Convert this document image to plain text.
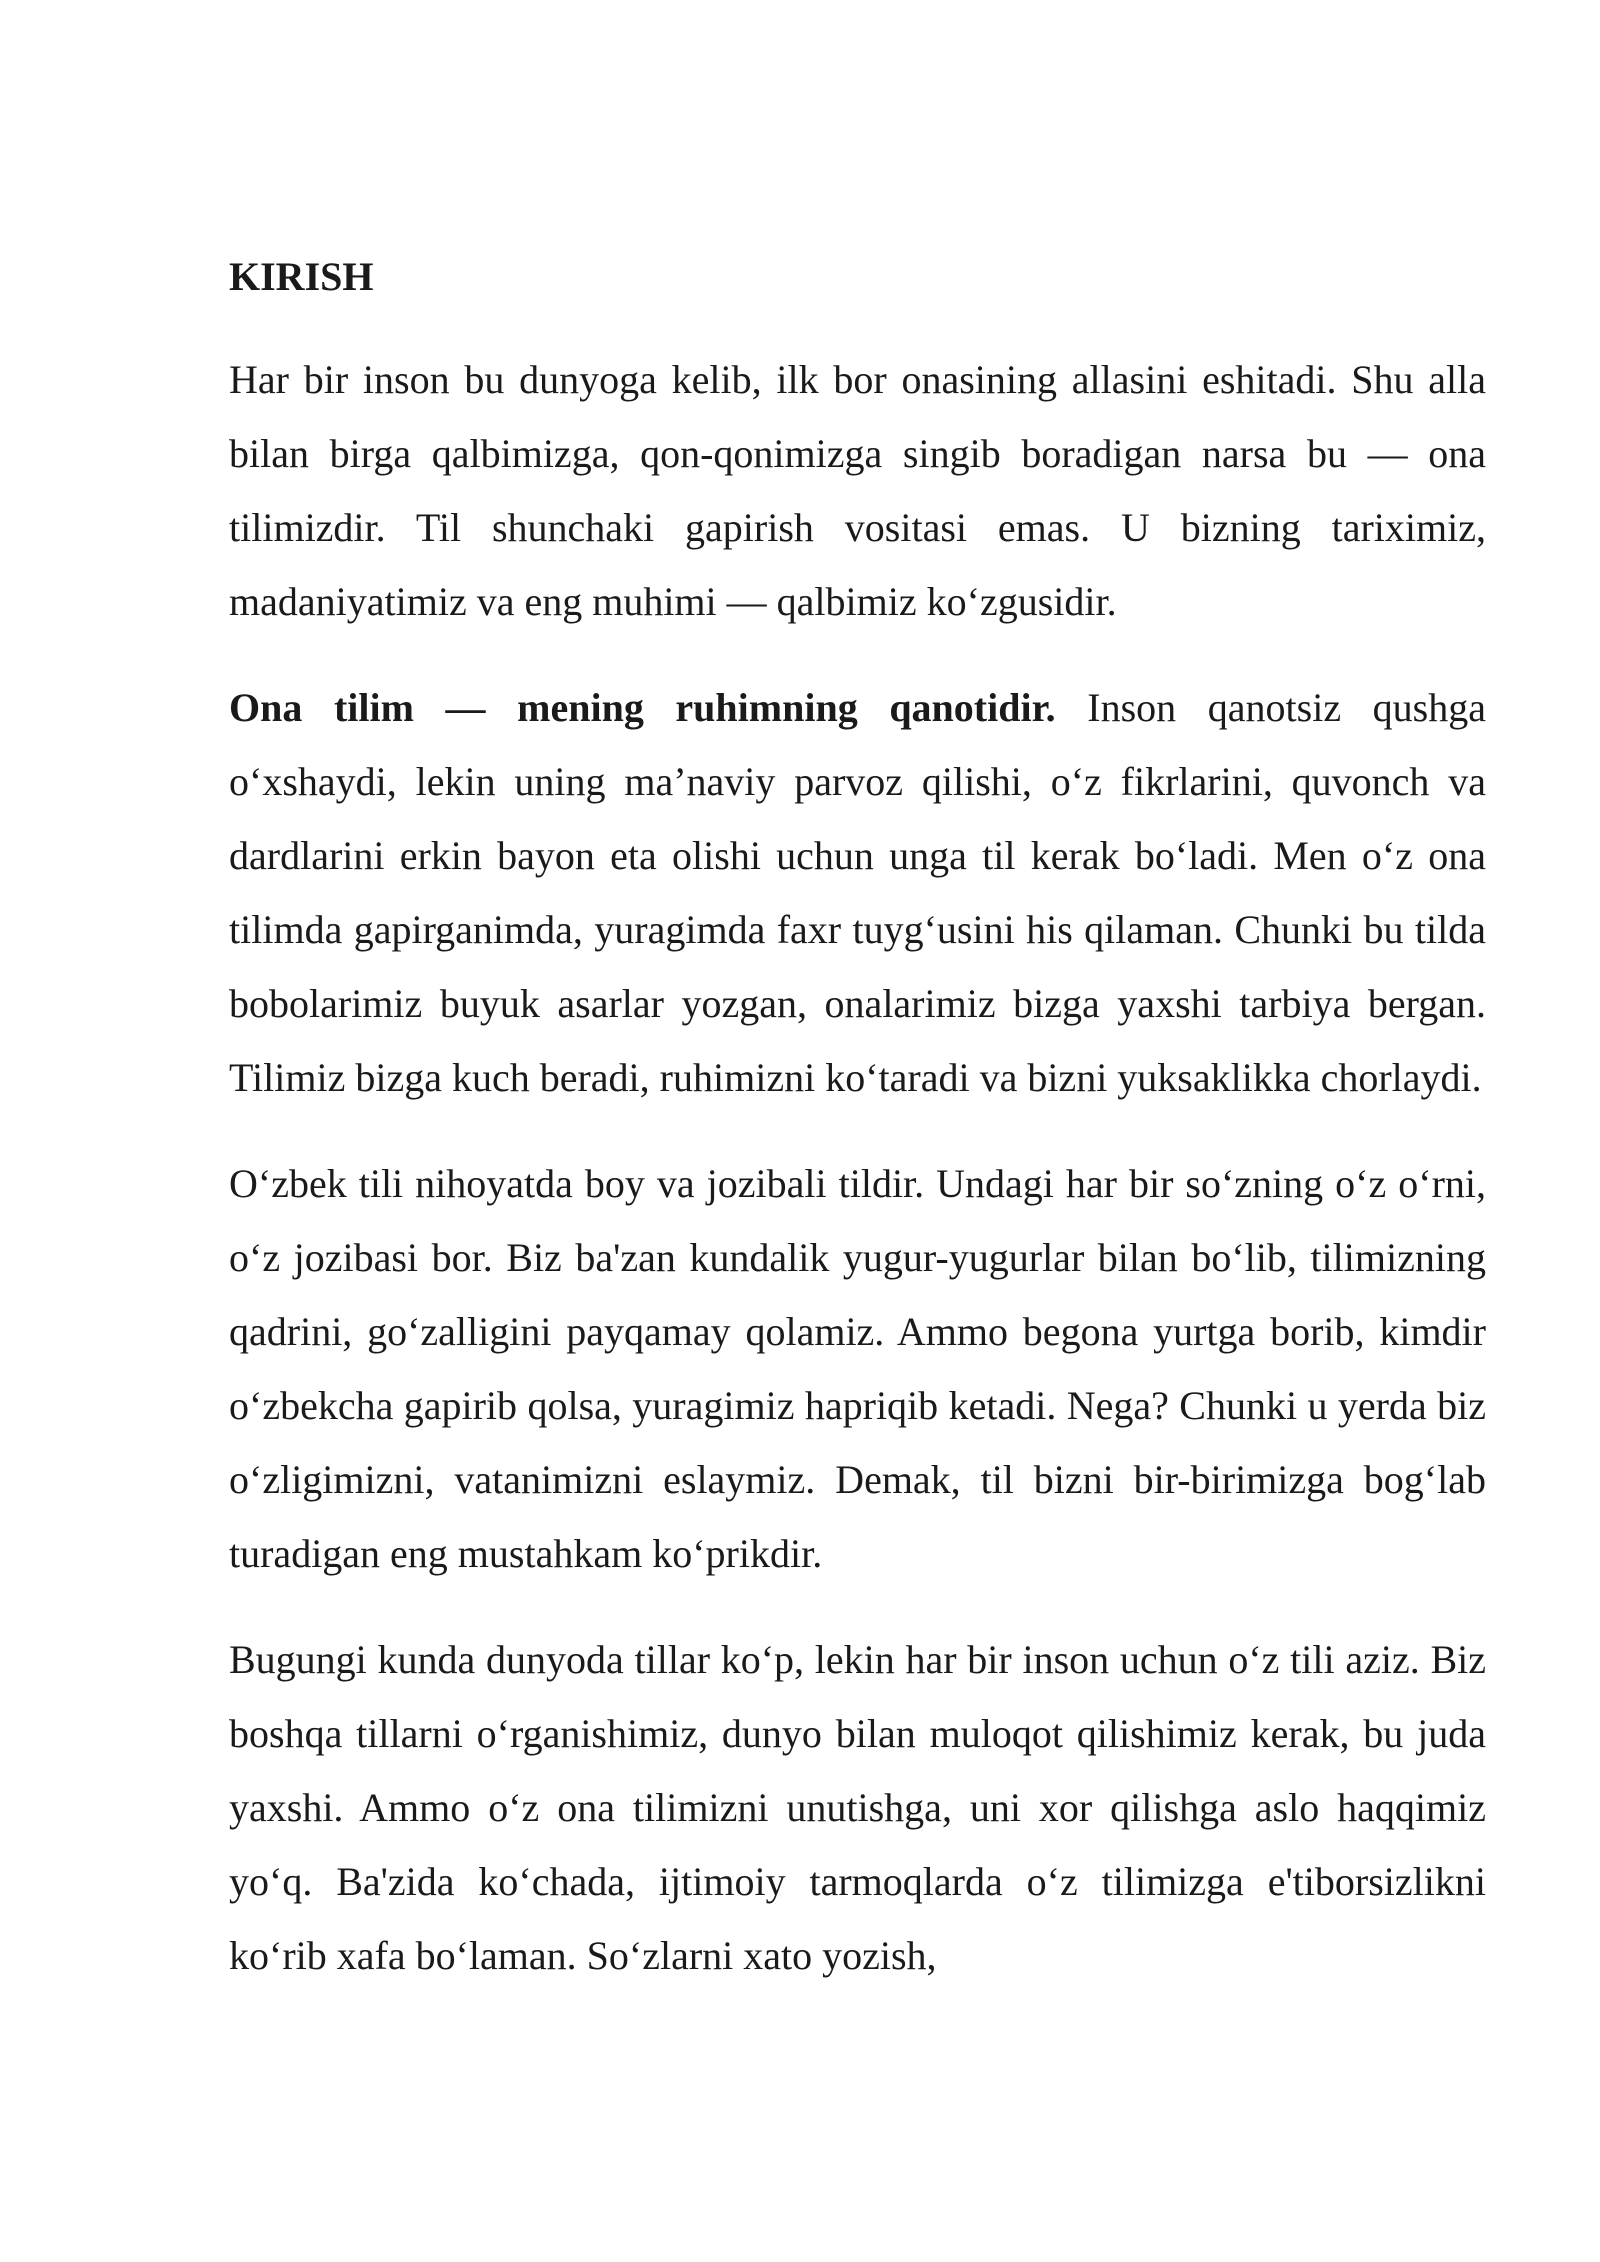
KIRISH

Har bir inson bu dunyoga kelib, ilk bor onasining allasini eshitadi. Shu alla bilan birga qalbimizga, qon-qonimizga singib boradigan narsa bu — ona tilimizdir. Til shunchaki gapirish vositasi emas. U bizning tariximiz, madaniyatimiz va eng muhimi — qalbimiz ko‘zgusidir.

Ona tilim — mening ruhimning qanotidir. Inson qanotsiz qushga o‘xshaydi, lekin uning ma’naviy parvoz qilishi, o‘z fikrlarini, quvonch va dardlarini erkin bayon eta olishi uchun unga til kerak bo‘ladi. Men o‘z ona tilimda gapirganimda, yuragimda faxr tuyg‘usini his qilaman. Chunki bu tilda bobolarimiz buyuk asarlar yozgan, onalarimiz bizga yaxshi tarbiya bergan. Tilimiz bizga kuch beradi, ruhimizni ko‘taradi va bizni yuksaklikka chorlaydi.

O‘zbek tili nihoyatda boy va jozibali tildir. Undagi har bir so‘zning o‘z o‘rni, o‘z jozibasi bor. Biz ba'zan kundalik yugur-yugurlar bilan bo‘lib, tilimizning qadrini, go‘zalligini payqamay qolamiz. Ammo begona yurtga borib, kimdir o‘zbekcha gapirib qolsa, yuragimiz hapriqib ketadi. Nega? Chunki u yerda biz o‘zligimizni, vatanimizni eslaymiz. Demak, til bizni bir-birimizga bog‘lab turadigan eng mustahkam ko‘prikdir.

Bugungi kunda dunyoda tillar ko‘p, lekin har bir inson uchun o‘z tili aziz. Biz boshqa tillarni o‘rganishimiz, dunyo bilan muloqot qilishimiz kerak, bu juda yaxshi. Ammo o‘z ona tilimizni unutishga, uni xor qilishga aslo haqqimiz yo‘q. Ba'zida ko‘chada, ijtimoiy tarmoqlarda o‘z tilimizga e'tiborsizlikni ko‘rib xafa bo‘laman. So‘zlarni xato yozish,
